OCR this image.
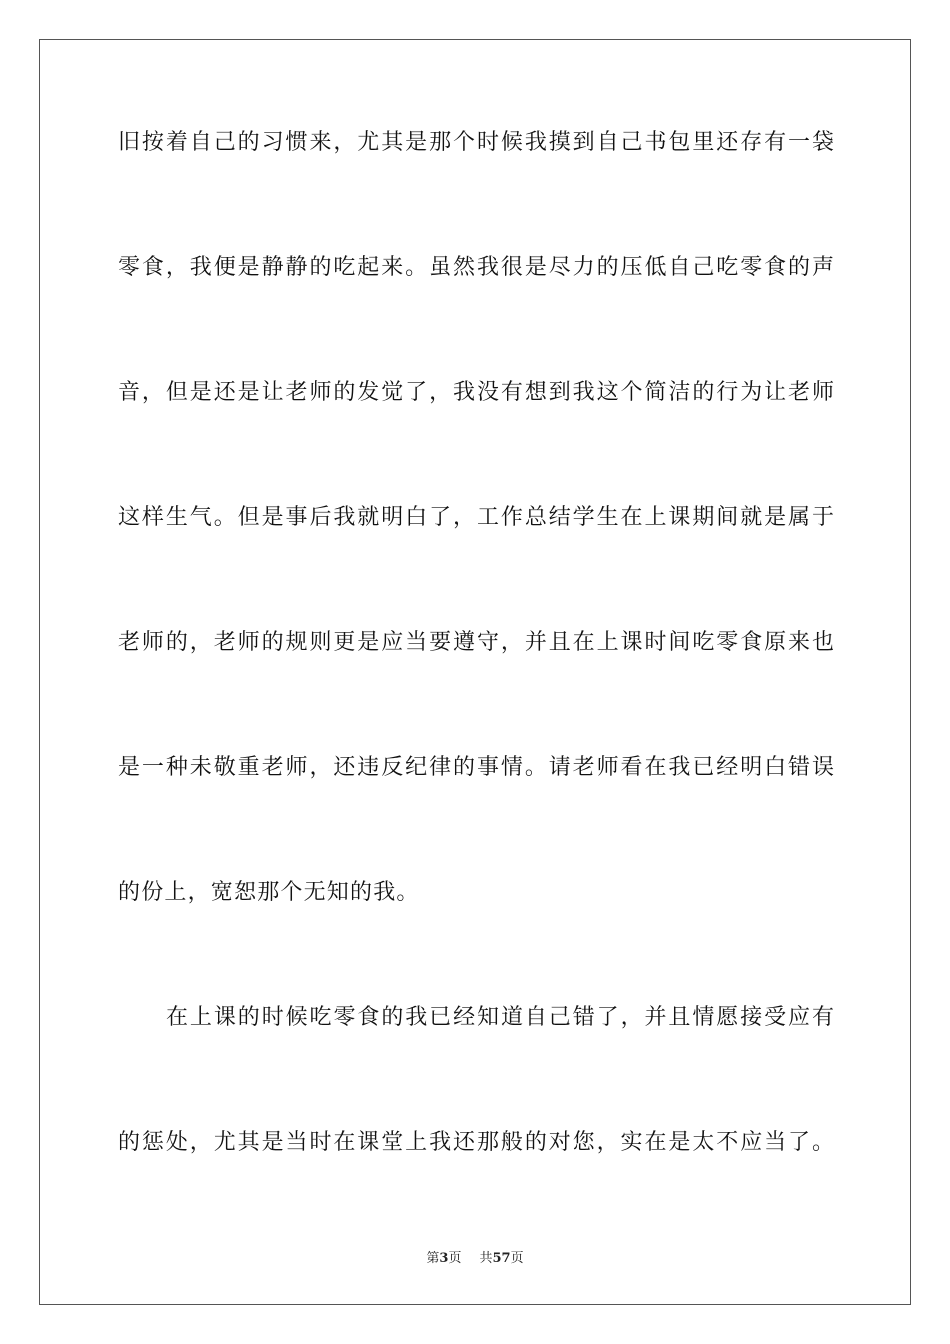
旧按着自己的习惯来，尤其是那个时候我摸到自己书包里还存有一袋
零食，我便是静静的吃起来。虽然我很是尽力的压低自己吃零食的声
音，但是还是让老师的发觉了，我没有想到我这个简洁的行为让老师
这样生气。但是事后我就明白了，工作总结学生在上课期间就是属于
老师的，老师的规则更是应当要遵守，并且在上课时间吃零食原来也
是一种未敬重老师，还违反纪律的事情。请老师看在我已经明白错误
的份上，宽恕那个无知的我。
在上课的时候吃零食的我已经知道自己错了，并且情愿接受应有
的惩处，尤其是当时在课堂上我还那般的对您，实在是太不应当了。
第3页 共57页
